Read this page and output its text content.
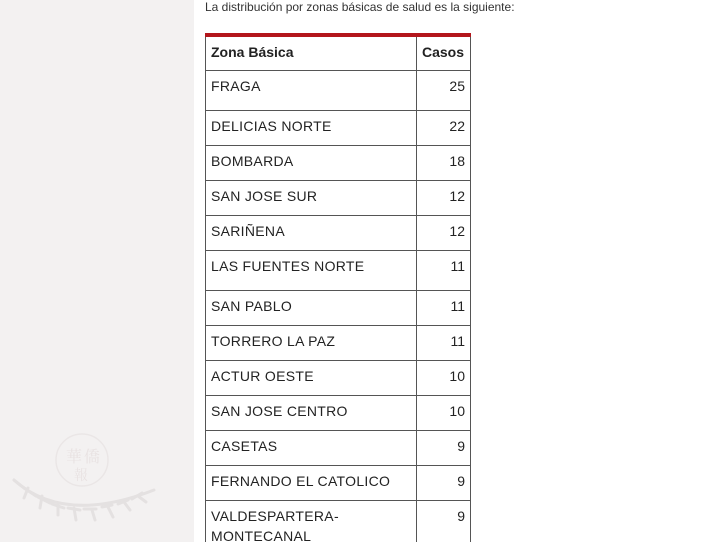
華 僑
報

La distribución por zonas básicas de salud es la siguiente:

Zona Básica	Casos
FRAGA	25
DELICIAS NORTE	22
BOMBARDA	18
SAN JOSE SUR	12
SARIÑENA	12
LAS FUENTES NORTE	11
SAN PABLO	11
TORRERO LA PAZ	11
ACTUR OESTE	10
SAN JOSE CENTRO	10
CASETAS	9
FERNANDO EL CATOLICO	9
VALDESPARTERA-MONTECANAL	9
